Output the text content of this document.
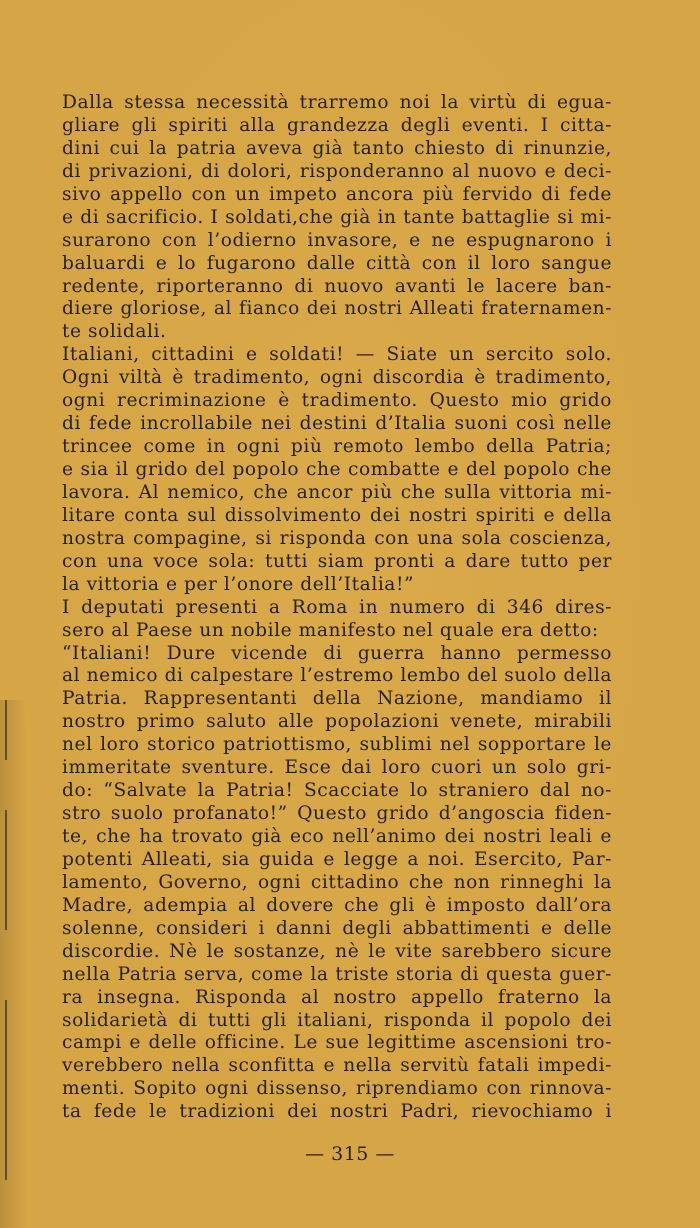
Dalla stessa necessità trarremo noi la virtù di egua-
gliare gli spiriti alla grandezza degli eventi. I citta-
dini cui la patria aveva già tanto chiesto di rinunzie,
di privazioni, di dolori, risponderanno al nuovo e deci-
sivo appello con un impeto ancora più fervido di fede
e di sacrificio. I soldati,che già in tante battaglie si mi-
surarono con l’odierno invasore, e ne espugnarono i
baluardi e lo fugarono dalle città con il loro sangue
redente, riporteranno di nuovo avanti le lacere ban-
diere gloriose, al fianco dei nostri Alleati fraternamen-
te solidali.
Italiani, cittadini e soldati! — Siate un sercito solo.
Ogni viltà è tradimento, ogni discordia è tradimento,
ogni recriminazione è tradimento. Questo mio grido
di fede incrollabile nei destini d’Italia suoni così nelle
trincee come in ogni più remoto lembo della Patria;
e sia il grido del popolo che combatte e del popolo che
lavora. Al nemico, che ancor più che sulla vittoria mi-
litare conta sul dissolvimento dei nostri spiriti e della
nostra compagine, si risponda con una sola coscienza,
con una voce sola: tutti siam pronti a dare tutto per
la vittoria e per l’onore dell’Italia!”
I deputati presenti a Roma in numero di 346 dires-
sero al Paese un nobile manifesto nel quale era detto:
“Italiani! Dure vicende di guerra hanno permesso
al nemico di calpestare l’estremo lembo del suolo della
Patria. Rappresentanti della Nazione, mandiamo il
nostro primo saluto alle popolazioni venete, mirabili
nel loro storico patriottismo, sublimi nel sopportare le
immeritate sventure. Esce dai loro cuori un solo gri-
do: “Salvate la Patria! Scacciate lo straniero dal no-
stro suolo profanato!” Questo grido d’angoscia fiden-
te, che ha trovato già eco nell’animo dei nostri leali e
potenti Alleati, sia guida e legge a noi. Esercito, Par-
lamento, Governo, ogni cittadino che non rinneghi la
Madre, adempia al dovere che gli è imposto dall’ora
solenne, consideri i danni degli abbattimenti e delle
discordie. Nè le sostanze, nè le vite sarebbero sicure
nella Patria serva, come la triste storia di questa guer-
ra insegna. Risponda al nostro appello fraterno la
solidarietà di tutti gli italiani, risponda il popolo dei
campi e delle officine. Le sue legittime ascensioni tro-
verebbero nella sconfitta e nella servitù fatali impedi-
menti. Sopito ogni dissenso, riprendiamo con rinnova-
ta fede le tradizioni dei nostri Padri, rievochiamo i
— 315 —
